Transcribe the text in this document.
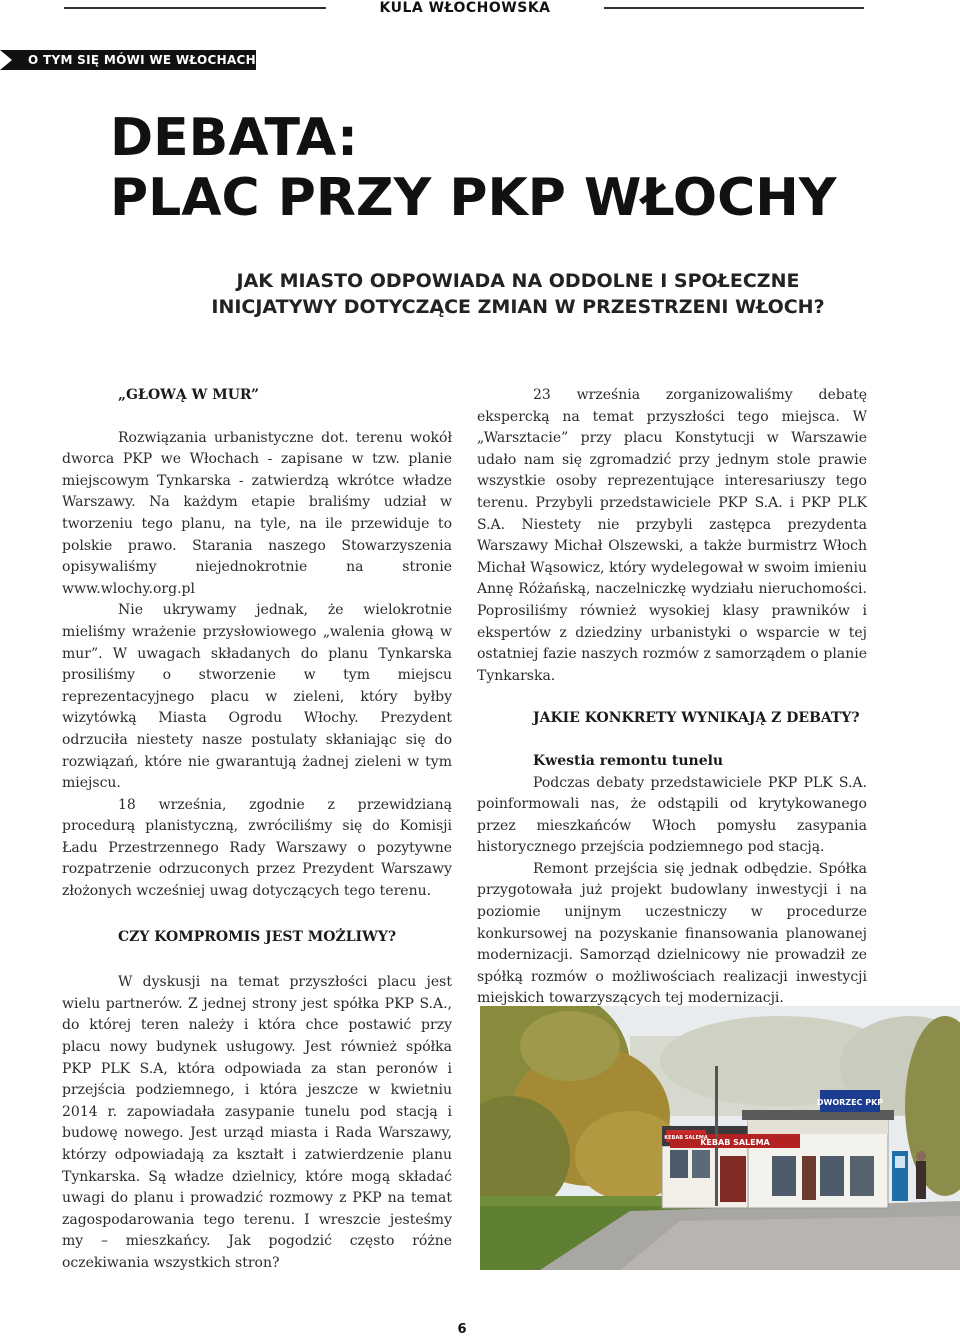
KULA WŁOCHOWSKA
O TYM SIĘ MÓWI WE WŁOCHACH
DEBATA:
PLAC PRZY PKP WŁOCHY
JAK MIASTO ODPOWIADA NA ODDOLNE I SPOŁECZNE
INICJATYWY DOTYCZĄCE ZMIAN W PRZESTRZENI WŁOCH?
„GŁOWĄ W MUR”

Rozwiązania urbanistyczne dot. terenu wokół dworca PKP we Włochach - zapisane w tzw. planie miejscowym Tynkarska - zatwierdzą wkrótce władze Warszawy. Na każdym etapie braliśmy udział w tworzeniu tego planu, na tyle, na ile przewiduje to polskie prawo. Starania naszego Stowarzyszenia opisywaliśmy niejednokrotnie na stronie www.wlochy.org.pl

Nie ukrywamy jednak, że wielokrotnie mieliśmy wrażenie przysłowiowego „walenia głową w mur”. W uwagach składanych do planu Tynkarska prosiliśmy o stworzenie w tym miejscu reprezentacyjnego placu w zieleni, który byłby wizytówką Miasta Ogrodu Włochy. Prezydent odrzuciła niestety nasze postulaty skłaniając się do rozwiązań, które nie gwarantują żadnej zieleni w tym miejscu.

18 września, zgodnie z przewidzianą procedurą planistyczną, zwróciliśmy się do Komisji Ładu Przestrzennego Rady Warszawy o pozytywne rozpatrzenie odrzuconych przez Prezydent Warszawy złożonych wcześniej uwag dotyczących tego terenu.

CZY KOMPROMIS JEST MOŻLIWY?

W dyskusji na temat przyszłości placu jest wielu partnerów. Z jednej strony jest spółka PKP S.A., do której teren należy i która chce postawić przy placu nowy budynek usługowy. Jest również spółka PKP PLK S.A, która odpowiada za stan peronów i przejścia podziemnego, i która jeszcze w kwietniu 2014 r. zapowiadała zasypanie tunelu pod stacją i budowę nowego. Jest urząd miasta i Rada Warszawy, którzy odpowiadają za kształt i zatwierdzenie planu Tynkarska. Są władze dzielnicy, które mogą składać uwagi do planu i prowadzić rozmowy z PKP na temat zagospodarowania tego terenu. I wreszcie jesteśmy my – mieszkańcy. Jak pogodzić często różne oczekiwania wszystkich stron?

23 września zorganizowaliśmy debatę ekspercką na temat przyszłości tego miejsca. W „Warsztacie” przy placu Konstytucji w Warszawie udało nam się zgromadzić przy jednym stole prawie wszystkie osoby reprezentujące interesariuszy tego terenu. Przybyli przedstawiciele PKP S.A. i PKP PLK S.A. Niestety nie przybyli zastępca prezydenta Warszawy Michał Olszewski, a także burmistrz Włoch Michał Wąsowicz, który wydelegował w swoim imieniu Annę Różańską, naczelniczkę wydziału nieruchomości. Poprosiliśmy również wysokiej klasy prawników i ekspertów z dziedziny urbanistyki o wsparcie w tej ostatniej fazie naszych rozmów z samorządem o planie Tynkarska.

JAKIE KONKRETY WYNIKAJĄ Z DEBATY?
Kwestia remontu tunelu

Podczas debaty przedstawiciele PKP PLK S.A. poinformowali nas, że odstąpili od krytykowanego przez mieszkańców Włoch pomysłu zasypania historycznego przejścia podziemnego pod stacją.

Remont przejścia się jednak odbędzie. Spółka przygotowała już projekt budowlany inwestycji i na poziomie unijnym uczestniczy w procedurze konkursowej na pozyskanie finansowania planowanej modernizacji. Samorząd dzielnicowy nie prowadził ze spółką rozmów o możliwościach realizacji inwestycji miejskich towarzyszących tej modernizacji.

DWORZEC PKP
KEBAB SALEMA
KEBAB SALEMA
6
